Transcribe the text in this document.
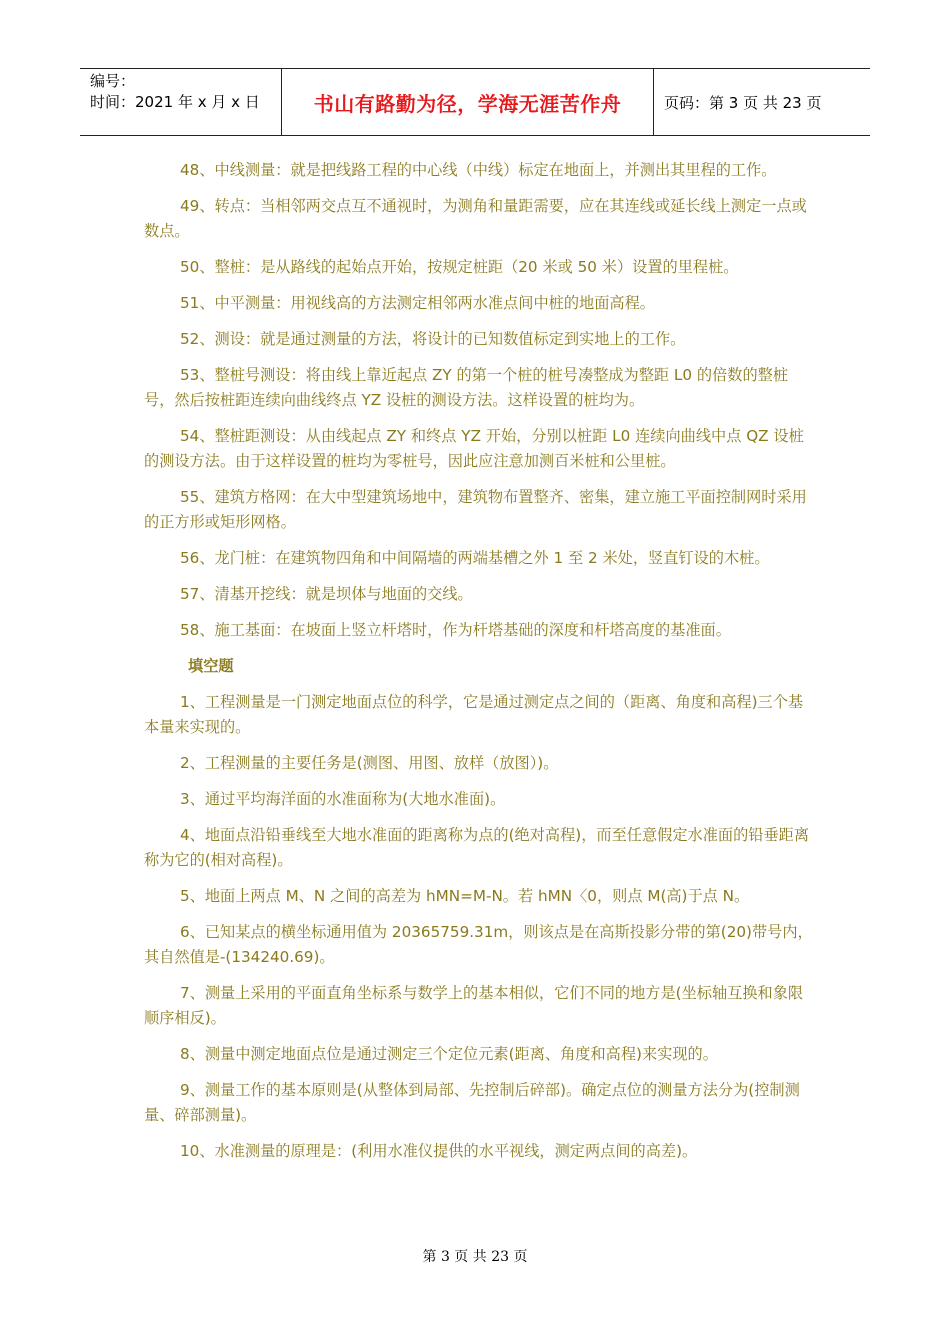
编号：
时间：2021 年 x 月 x 日	书山有路勤为径，学海无涯苦作舟	页码：第 3 页 共 23 页

48、中线测量：就是把线路工程的中心线（中线）标定在地面上，并测出其里程的工作。

49、转点：当相邻两交点互不通视时，为测角和量距需要，应在其连线或延长线上测定一点或数点。

50、整桩：是从路线的起始点开始，按规定桩距（20 米或 50 米）设置的里程桩。

51、中平测量：用视线高的方法测定相邻两水准点间中桩的地面高程。

52、测设：就是通过测量的方法，将设计的已知数值标定到实地上的工作。

53、整桩号测设：将由线上靠近起点 ZY 的第一个桩的桩号凑整成为整距 L0 的倍数的整桩号，然后按桩距连续向曲线终点 YZ 设桩的测设方法。这样设置的桩均为。

54、整桩距测设：从由线起点 ZY 和终点 YZ 开始，分别以桩距 L0 连续向曲线中点 QZ 设桩的测设方法。由于这样设置的桩均为零桩号，因此应注意加测百米桩和公里桩。

55、建筑方格网：在大中型建筑场地中，建筑物布置整齐、密集，建立施工平面控制网时采用的正方形或矩形网格。

56、龙门桩：在建筑物四角和中间隔墙的两端基槽之外 1 至 2 米处，竖直钉设的木桩。

57、清基开挖线：就是坝体与地面的交线。

58、施工基面：在坡面上竖立杆塔时，作为杆塔基础的深度和杆塔高度的基准面。

填空题

1、工程测量是一门测定地面点位的科学，它是通过测定点之间的（距离、角度和高程)三个基本量来实现的。

2、工程测量的主要任务是(测图、用图、放样（放图）)。

3、通过平均海洋面的水准面称为(大地水准面)。

4、地面点沿铅垂线至大地水准面的距离称为点的(绝对高程)，而至任意假定水准面的铅垂距离称为它的(相对高程)。

5、地面上两点 M、N 之间的高差为 hMN=M-N。若 hMN〈0，则点 M(高)于点 N。

6、已知某点的横坐标通用值为 20365759.31m，则该点是在高斯投影分带的第(20)带号内，其自然值是-(134240.69)。

7、测量上采用的平面直角坐标系与数学上的基本相似，它们不同的地方是(坐标轴互换和象限顺序相反)。

8、测量中测定地面点位是通过测定三个定位元素(距离、角度和高程)来实现的。

9、测量工作的基本原则是(从整体到局部、先控制后碎部)。确定点位的测量方法分为(控制测量、碎部测量)。

10、水准测量的原理是：(利用水准仪提供的水平视线，测定两点间的高差)。

第 3 页 共 23 页
